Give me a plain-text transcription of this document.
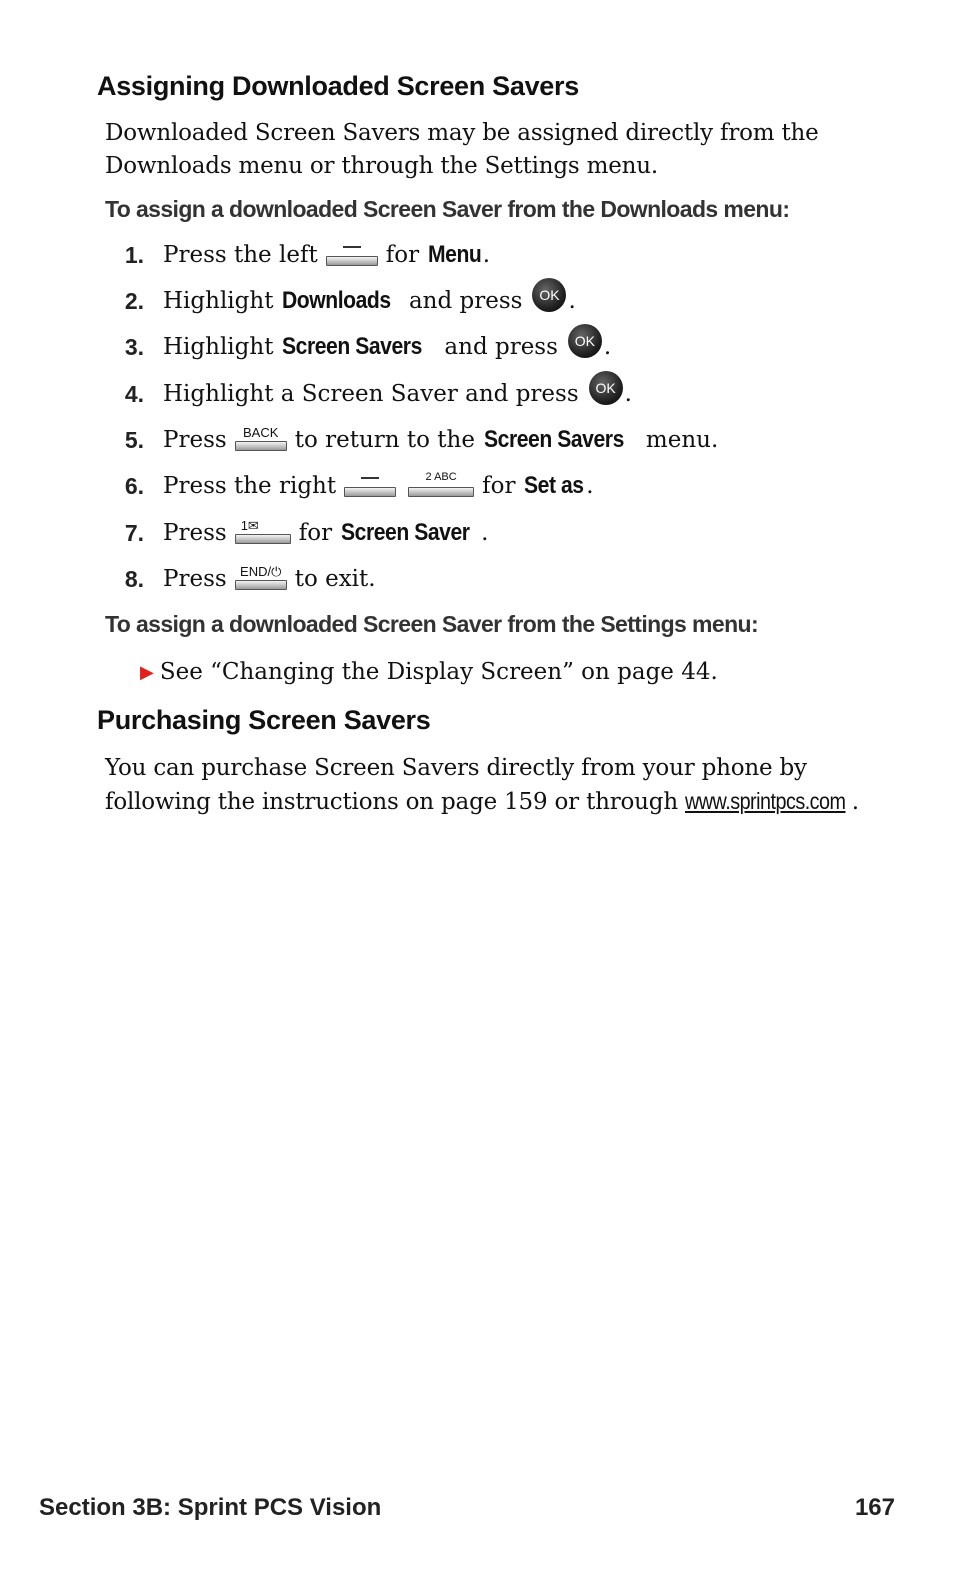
Assigning Downloaded Screen Savers

Downloaded Screen Savers may be assigned directly from the
Downloads menu or through the Settings menu.

To assign a downloaded Screen Saver from the Downloads menu:

1. Press the left	for Menu .
2. Highlight Downloads and press	OK .
3. Highlight Screen Savers and press	OK .
4. Highlight a Screen Saver and press	OK .
5. Press	BACK to return to the Screen Savers menu.
6. Press the right	2 ABC	for Set as .
7. Press 1✉	for Screen Saver .
8. Press	END/⏻ to exit.

To assign a downloaded Screen Saver from the Settings menu:

▶ See “Changing the Display Screen” on page 44.
Purchasing Screen Savers

You can purchase Screen Savers directly from your phone by
following the instructions on page 159 or through www.sprintpcs.com .

Section 3B: Sprint PCS Vision	167
